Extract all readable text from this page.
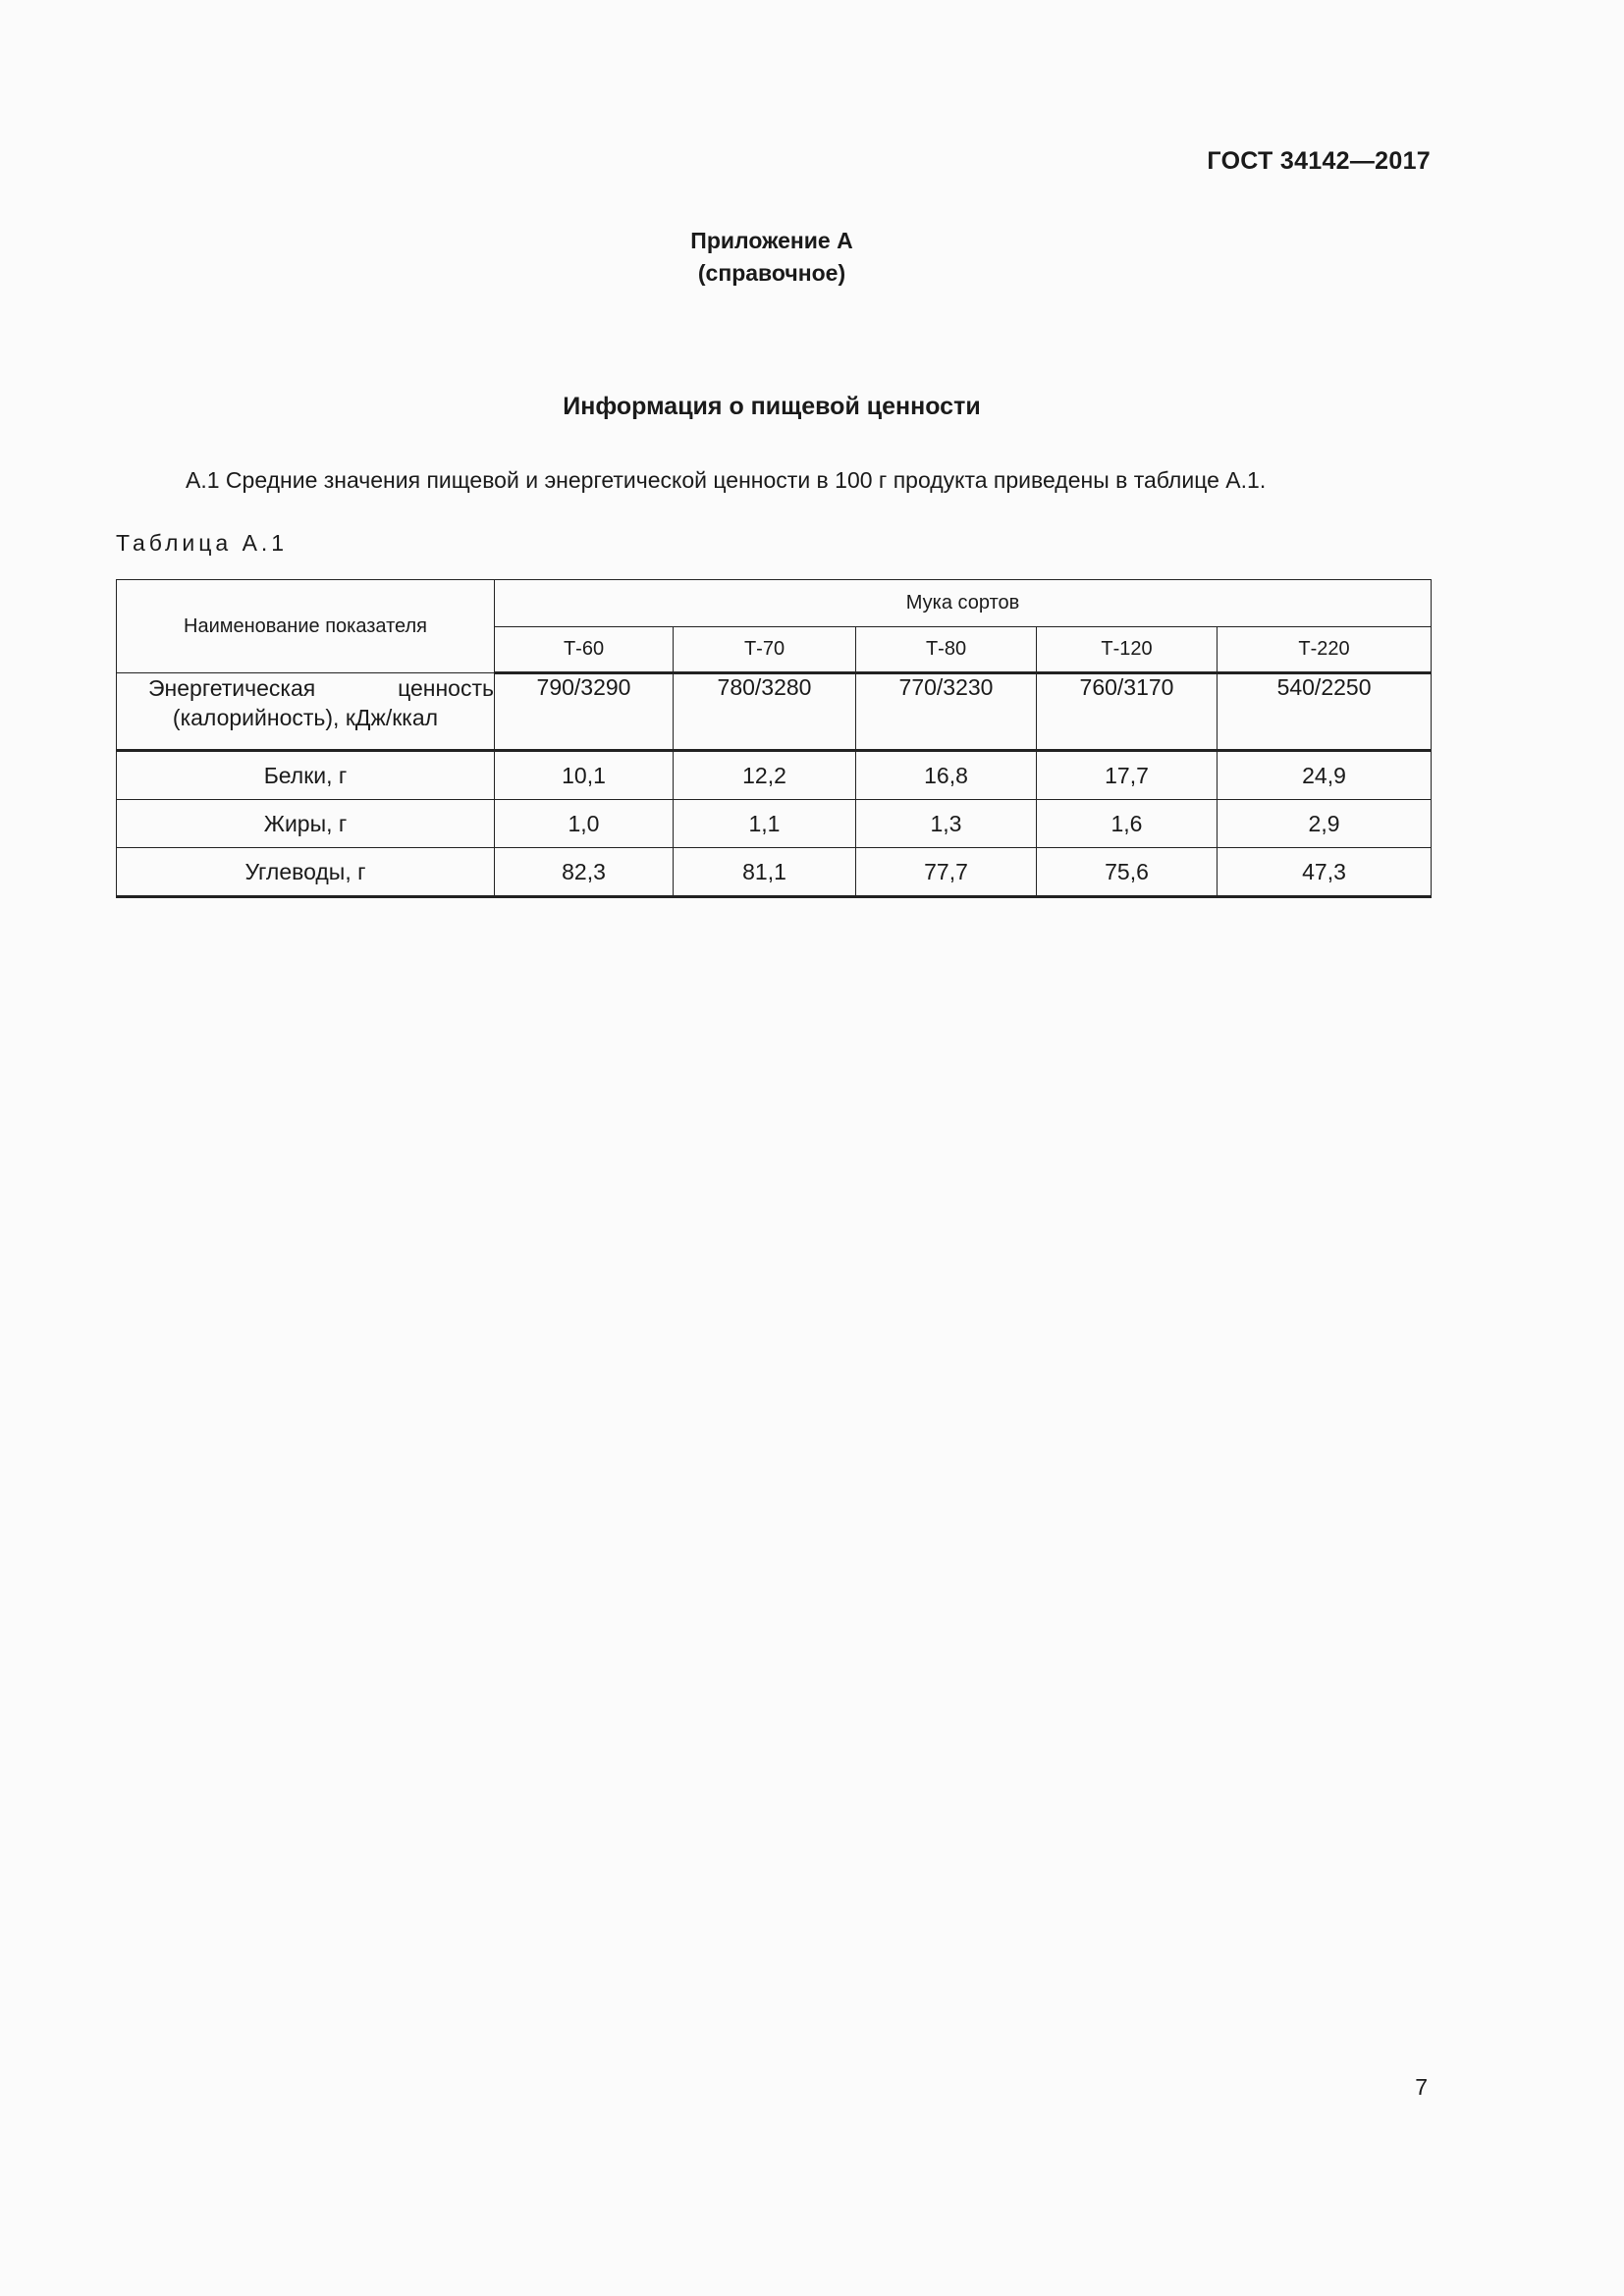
ГОСТ 34142—2017
Приложение А
(справочное)
Информация о пищевой ценности
А.1 Средние значения пищевой и энергетической ценности в 100 г продукта приведены в таблице А.1.
Таблица А.1
Наименование показателя	Мука сортов				
	Т-60	Т-70	Т-80	Т-120	Т-220

Энергетическая ценность
(калорийность), кДж/ккал	790/3290	780/3280	770/3230	760/3170	540/2250
Белки, г	10,1	12,2	16,8	17,7	24,9
Жиры, г	1,0	1,1	1,3	1,6	2,9
Углеводы, г	82,3	81,1	77,7	75,6	47,3
7
